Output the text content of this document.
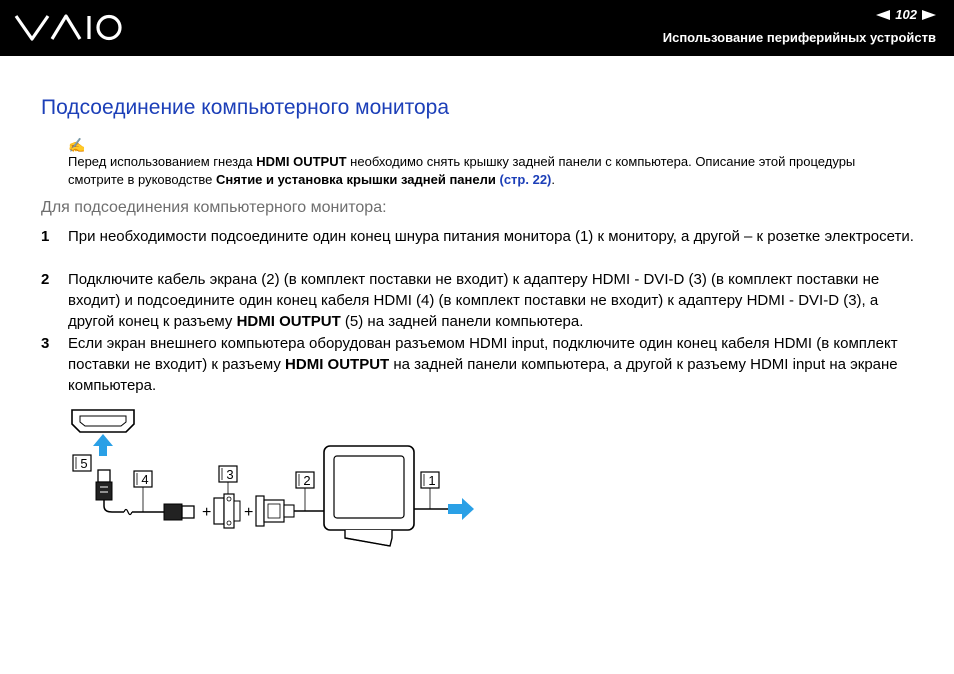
102
Использование периферийных устройств
Подсоединение компьютерного монитора
✍
Перед использованием гнезда HDMI OUTPUT необходимо снять крышку задней панели с компьютера. Описание этой процедуры смотрите в руководстве Снятие и установка крышки задней панели (стр. 22).
Для подсоединения компьютерного монитора:
1 При необходимости подсоедините один конец шнура питания монитора (1) к монитору, а другой – к розетке электросети.
2 Подключите кабель экрана (2) (в комплект поставки не входит) к адаптеру HDMI - DVI-D (3) (в комплект поставки не входит) и подсоедините один конец кабеля HDMI (4) (в комплект поставки не входит) к адаптеру HDMI - DVI-D (3), а другой конец к разъему HDMI OUTPUT (5) на задней панели компьютера.
3 Если экран внешнего компьютера оборудован разъемом HDMI input, подключите один конец кабеля HDMI (в комплект поставки не входит) к разъему HDMI OUTPUT на задней панели компьютера, а другой к разъему HDMI input на экране компьютера.
5
4
+
3
+
2	1
